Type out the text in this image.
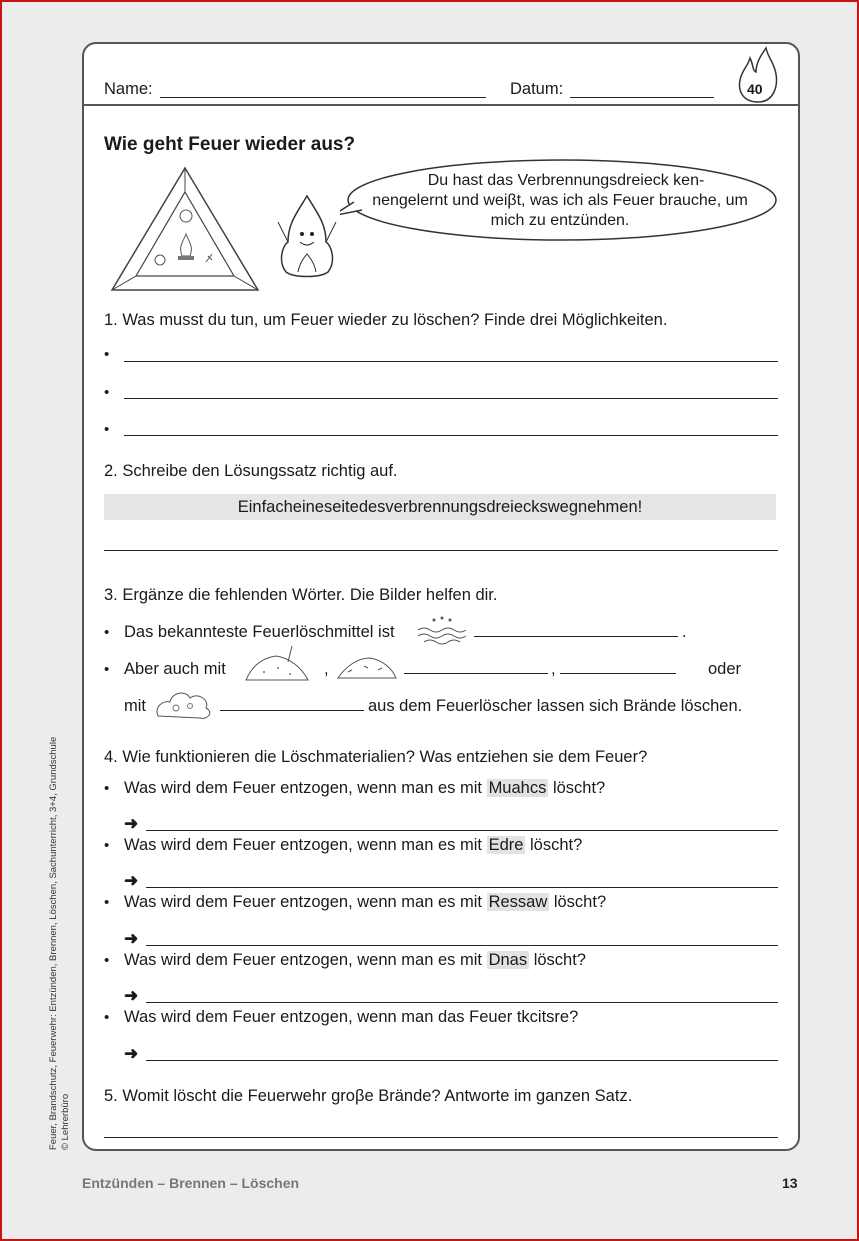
Name:	Datum:	40
Wie geht Feuer wieder aus?
Du hast das Verbrennungsdreieck ken-
nengelernt und weiβt, was ich als Feuer brauche, um
mich zu entzünden.
1. Was musst du tun, um Feuer wieder zu löschen? Finde drei Möglichkeiten.
•
•
•
2. Schreibe den Lösungssatz richtig auf.
Einfacheineseitedesverbrennungsdreieckswegnehmen!
3. Ergänze die fehlenden Wörter. Die Bilder helfen dir.
• Das bekannteste Feuerlöschmittel ist	.
• Aber auch mit	,	,	oder
mit	aus dem Feuerlöscher lassen sich Brände löschen.
4. Wie funktionieren die Löschmaterialien? Was entziehen sie dem Feuer?
• Was wird dem Feuer entzogen, wenn man es mit Muahcs löscht?
➜
• Was wird dem Feuer entzogen, wenn man es mit Edre löscht?
➜
• Was wird dem Feuer entzogen, wenn man es mit Ressaw löscht?
➜
• Was wird dem Feuer entzogen, wenn man es mit Dnas löscht?
➜
• Was wird dem Feuer entzogen, wenn man das Feuer tkcitsre?
➜
5. Womit löscht die Feuerwehr groβe Brände? Antworte im ganzen Satz.
Feuer, Brandschutz, Feuerwehr: Entzünden, Brennen, Löschen, Sachunterricht, 3+4, Grundschule © Lehrerbüro
Entzünden – Brennen – Löschen	13
